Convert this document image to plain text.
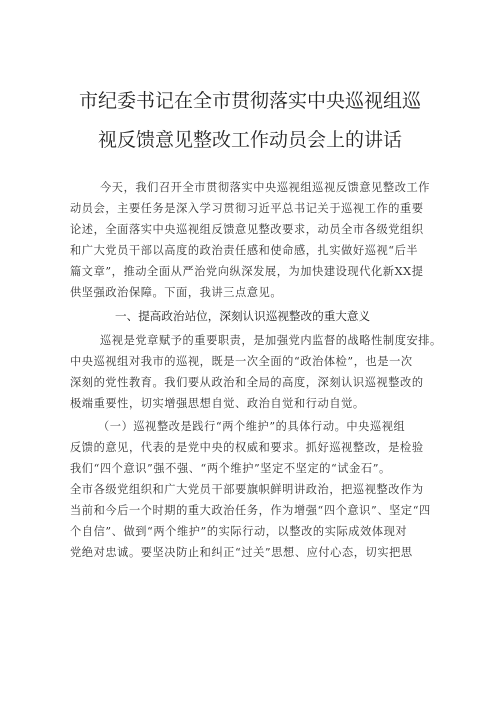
市纪委书记在全市贯彻落实中央巡视组巡
视反馈意见整改工作动员会上的讲话
今天，我们召开全市贯彻落实中央巡视组巡视反馈意见整改工作
动员会，主要任务是深入学习贯彻习近平总书记关于巡视工作的重要
论述，全面落实中央巡视组反馈意见整改要求，动员全市各级党组织
和广大党员干部以高度的政治责任感和使命感，扎实做好巡视“后半
篇文章”，推动全面从严治党向纵深发展，为加快建设现代化新XX提
供坚强政治保障。下面，我讲三点意见。
一、提高政治站位，深刻认识巡视整改的重大意义
巡视是党章赋予的重要职责，是加强党内监督的战略性制度安排。
中央巡视组对我市的巡视，既是一次全面的“政治体检”，也是一次
深刻的党性教育。我们要从政治和全局的高度，深刻认识巡视整改的
极端重要性，切实增强思想自觉、政治自觉和行动自觉。
（一）巡视整改是践行“两个维护”的具体行动。中央巡视组
反馈的意见，代表的是党中央的权威和要求。抓好巡视整改，是检验
我们“四个意识”强不强、“两个维护”坚定不坚定的“试金石”。
全市各级党组织和广大党员干部要旗帜鲜明讲政治，把巡视整改作为
当前和今后一个时期的重大政治任务，作为增强“四个意识”、坚定“四
个自信”、做到“两个维护”的实际行动，以整改的实际成效体现对
党绝对忠诚。要坚决防止和纠正“过关”思想、应付心态，切实把思
